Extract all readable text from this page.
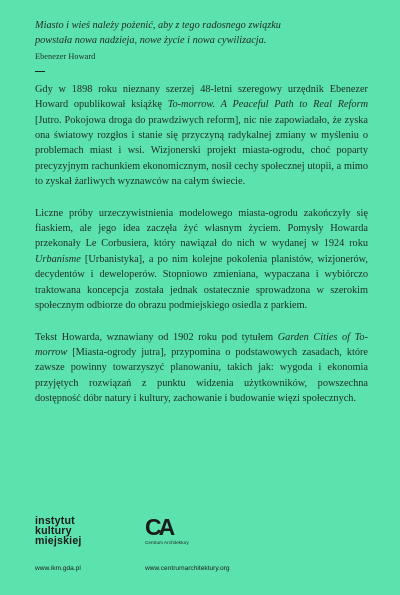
Miasto i wieś należy pożenić, aby z tego radosnego związku
powstała nowa nadzieja, nowe życie i nowa cywilizacja.

Ebenezer Howard

Gdy w 1898 roku nieznany szerzej 48-letni szeregowy urzędnik Ebenezer Howard opublikował książkę To-morrow. A Peaceful Path to Real Reform [Jutro. Pokojowa droga do prawdziwych reform], nic nie zapowiadało, że zyska ona światowy rozgłos i stanie się przyczyną radykalnej zmiany w myśleniu o problemach miast i wsi. Wizjonerski projekt miasta-ogrodu, choć poparty precyzyjnym rachunkiem ekonomicznym, nosił cechy społecznej utopii, a mimo to zyskał żarliwych wyznawców na całym świecie.

Liczne próby urzeczywistnienia modelowego miasta-ogrodu zakończyły się fiaskiem, ale jego idea zaczęła żyć własnym życiem. Pomysły Howarda przekonały Le Corbusiera, który nawiązał do nich w wydanej w 1924 roku Urbanisme [Urbanistyka], a po nim kolejne pokolenia planistów, wizjonerów, decydentów i deweloperów. Stopniowo zmieniana, wypaczana i wybiórczo traktowana koncepcja została jednak ostatecznie sprowadzona w szerokim społecznym odbiorze do obrazu podmiejskiego osiedla z parkiem.

Tekst Howarda, wznawiany od 1902 roku pod tytułem Garden Cities of To-morrow [Miasta-ogrody jutra], przypomina o podstawowych zasadach, które zawsze powinny towarzyszyć planowaniu, takich jak: wygoda i ekonomia przyjętych rozwiązań z punktu widzenia użytkowników, powszechna dostępność dóbr natury i kultury, zachowanie i budowanie więzi społecznych.

instytut
kultury
miejskiej
CA
Centrum Architektury
www.ikm.gda.pl	www.centrumarchitektury.org
